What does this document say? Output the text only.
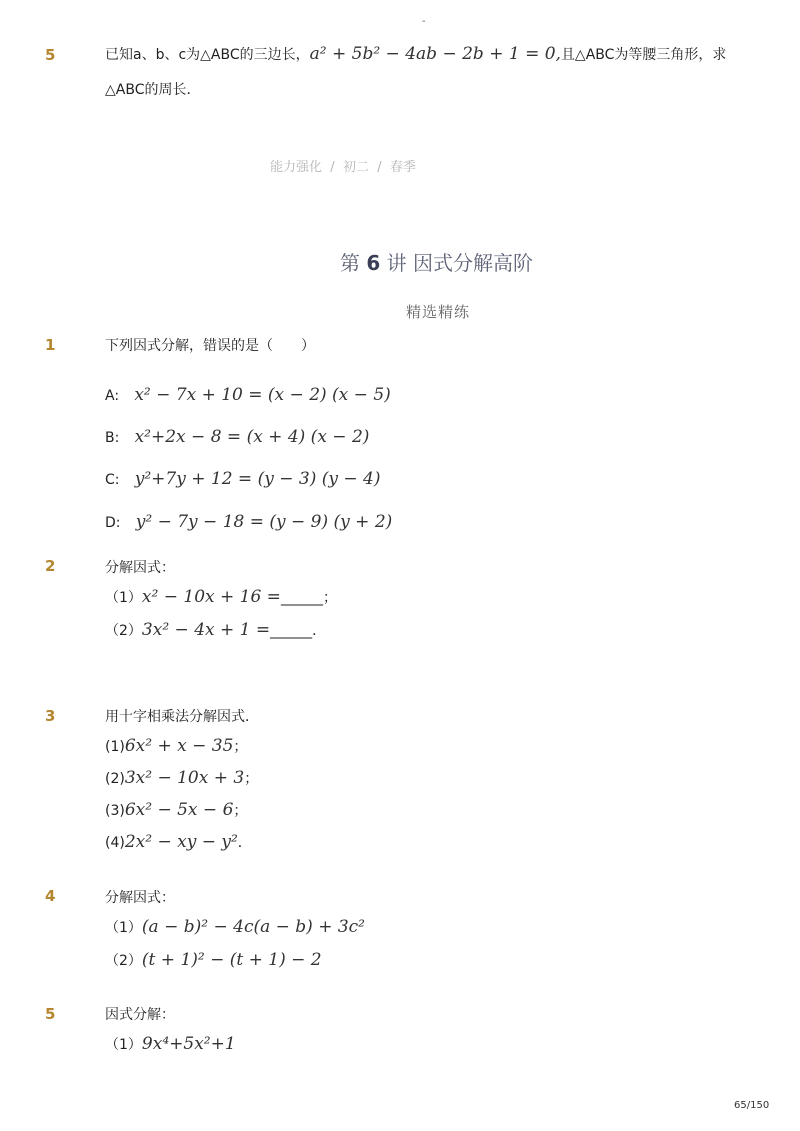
-
5	已知a、b、c为△ABC的三边长，a² + 5b² − 4ab − 2b + 1 = 0,且△ABC为等腰三角形，求
△ABC的周长．
能力强化 / 初二 / 春季
第 6 讲 因式分解高阶
精选精练
1	下列因式分解，错误的是（　　）
A: x² − 7x + 10 = (x − 2) (x − 5)
B: x²+2x − 8 = (x + 4) (x − 2)
C: y²+7y + 12 = (y − 3) (y − 4)
D: y² − 7y − 18 = (y − 9) (y + 2)
2	分解因式：
（1）x² − 10x + 16 =______；
（2）3x² − 4x + 1 =______．
3	用十字相乘法分解因式．
(1)6x² + x − 35；
(2)3x² − 10x + 3；
(3)6x² − 5x − 6；
(4)2x² − xy − y²．
4	分解因式：
（1）(a − b)² − 4c(a − b) + 3c²
（2）(t + 1)² − (t + 1) − 2
5	因式分解：
（1）9x⁴+5x²+1
65/150
